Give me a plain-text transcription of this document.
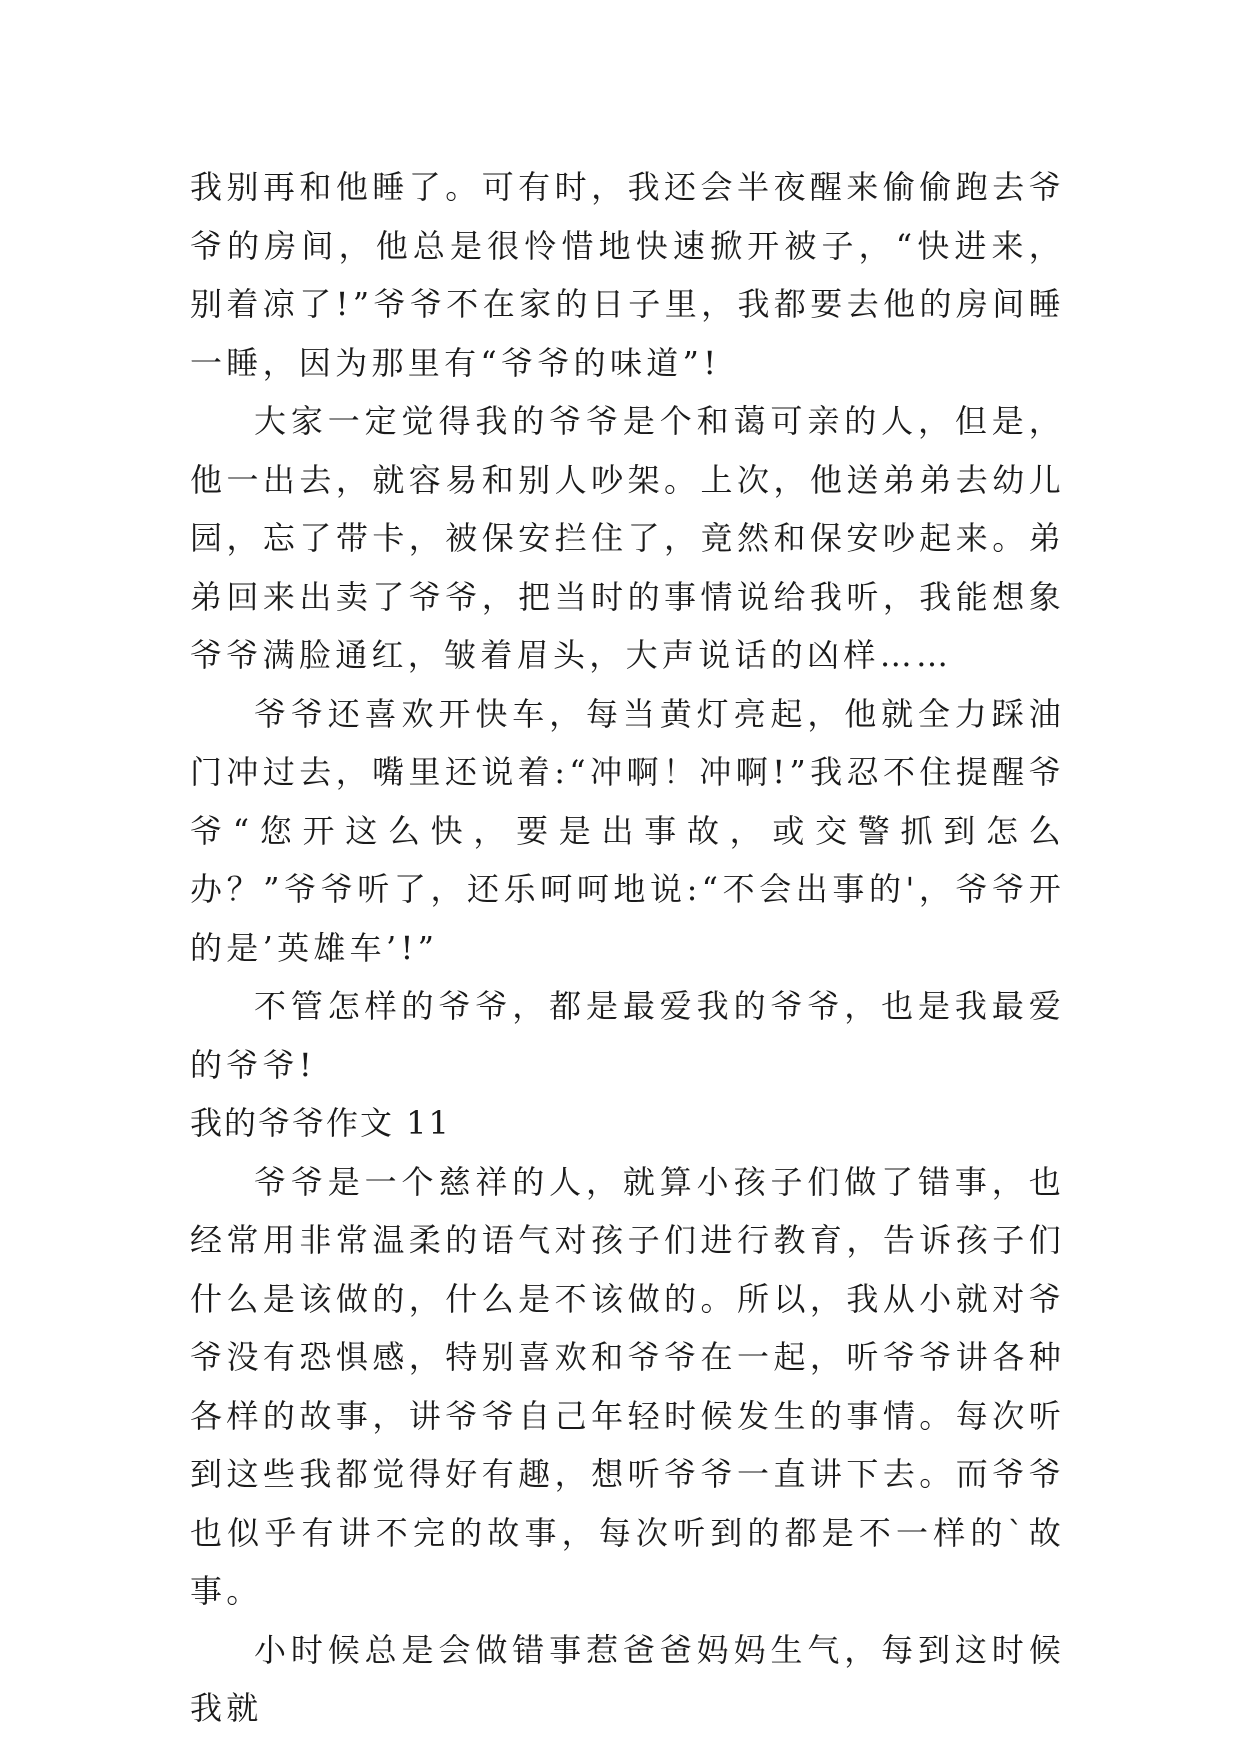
我别再和他睡了。可有时，我还会半夜醒来偷偷跑去爷爷的房间，他总是很怜惜地快速掀开被子，“快进来，别着凉了!”爷爷不在家的日子里，我都要去他的房间睡一睡，因为那里有“爷爷的味道”!

大家一定觉得我的爷爷是个和蔼可亲的人，但是，他一出去，就容易和别人吵架。上次，他送弟弟去幼儿园，忘了带卡，被保安拦住了，竟然和保安吵起来。弟弟回来出卖了爷爷，把当时的事情说给我听，我能想象爷爷满脸通红，皱着眉头，大声说话的凶样……

爷爷还喜欢开快车，每当黄灯亮起，他就全力踩油门冲过去，嘴里还说着:“冲啊！冲啊!”我忍不住提醒爷爷“您开这么快，要是出事故，或交警抓到怎么办？”爷爷听了，还乐呵呵地说:“不会出事的'，爷爷开的是’英雄车’!”

不管怎样的爷爷，都是最爱我的爷爷，也是我最爱的爷爷!

我的爷爷作文 11

爷爷是一个慈祥的人，就算小孩子们做了错事，也经常用非常温柔的语气对孩子们进行教育，告诉孩子们什么是该做的，什么是不该做的。所以，我从小就对爷爷没有恐惧感，特别喜欢和爷爷在一起，听爷爷讲各种各样的故事，讲爷爷自己年轻时候发生的事情。每次听到这些我都觉得好有趣，想听爷爷一直讲下去。而爷爷也似乎有讲不完的故事，每次听到的都是不一样的`故事。

小时候总是会做错事惹爸爸妈妈生气，每到这时候我就
